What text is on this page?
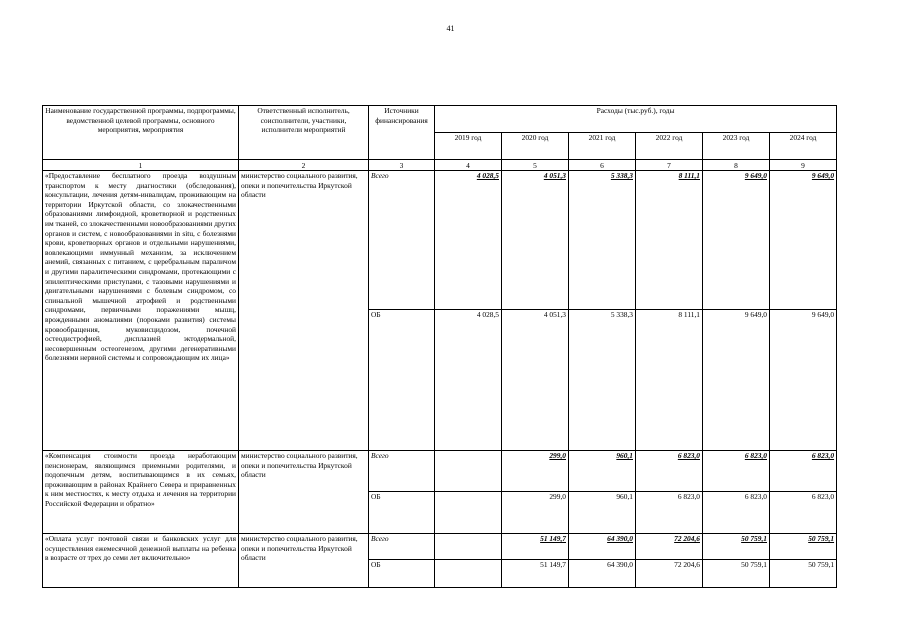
41
Наименование государственной программы, подпрограммы, ведомственной целевой программы, основного мероприятия, мероприятия	Ответственный исполнитель, соисполнители, участники, исполнители мероприятий	Источники финансирования	Расходы (тыс.руб.), годы					
			2019 год	2020 год	2021 год	2022 год	2023 год	2024 год
1	2	3	4	5	6	7	8	9
«Предоставление бесплатного проезда воздушным транспортом к месту диагностики (обследования), консультации, лечения детям-инвалидам, проживающим на территории Иркутской области, со злокачественными образованиями лимфоидной, кроветворной и родственных им тканей, со злокачественными новообразованиями других органов и систем, с новообразованиями in situ, с болезнями крови, кроветворных органов и отдельными нарушениями, вовлекающими иммунный механизм, за исключением анемий, связанных с питанием, с церебральным параличом и другими паралитическими синдромами, протекающими с эпилептическими приступами, с тазовыми нарушениями и двигательными нарушениями с болевым синдромом, со спинальной мышечной атрофией и родственными синдромами, первичными поражениями мышц, врожденными аномалиями (пороками развития) системы кровообращения, муковисцидозом, почечной остеодистрофией, дисплазией эктодермальной, несовершенным остеогенезом, другими дегенеративными болезнями нервной системы и сопровождающим их лица»	министерство социального развития, опеки и попечительства Иркутской области	Всего	4 028,5	4 051,3	5 338,3	8 111,1	9 649,0	9 649,0
		ОБ	4 028,5	4 051,3	5 338,3	8 111,1	9 649,0	9 649,0
«Компенсация стоимости проезда неработающим пенсионерам, являющимся приемными родителями, и подопечным детям, воспитывающимся в их семьях, проживающим в районах Крайнего Севера и приравненных к ним местностях, к месту отдыха и лечения на территории Российской Федерации и обратно»	министерство социального развития, опеки и попечительства Иркутской области	Всего		299,0	960,1	6 823,0	6 823,0	6 823,0
		ОБ		299,0	960,1	6 823,0	6 823,0	6 823,0
«Оплата услуг почтовой связи и банковских услуг для осуществления ежемесячной денежной выплаты на ребенка в возрасте от трех до семи лет включительно»	министерство социального развития, опеки и попечительства Иркутской области	Всего		51 149,7	64 390,0	72 204,6	50 759,1	50 759,1
		ОБ		51 149,7	64 390,0	72 204,6	50 759,1	50 759,1
